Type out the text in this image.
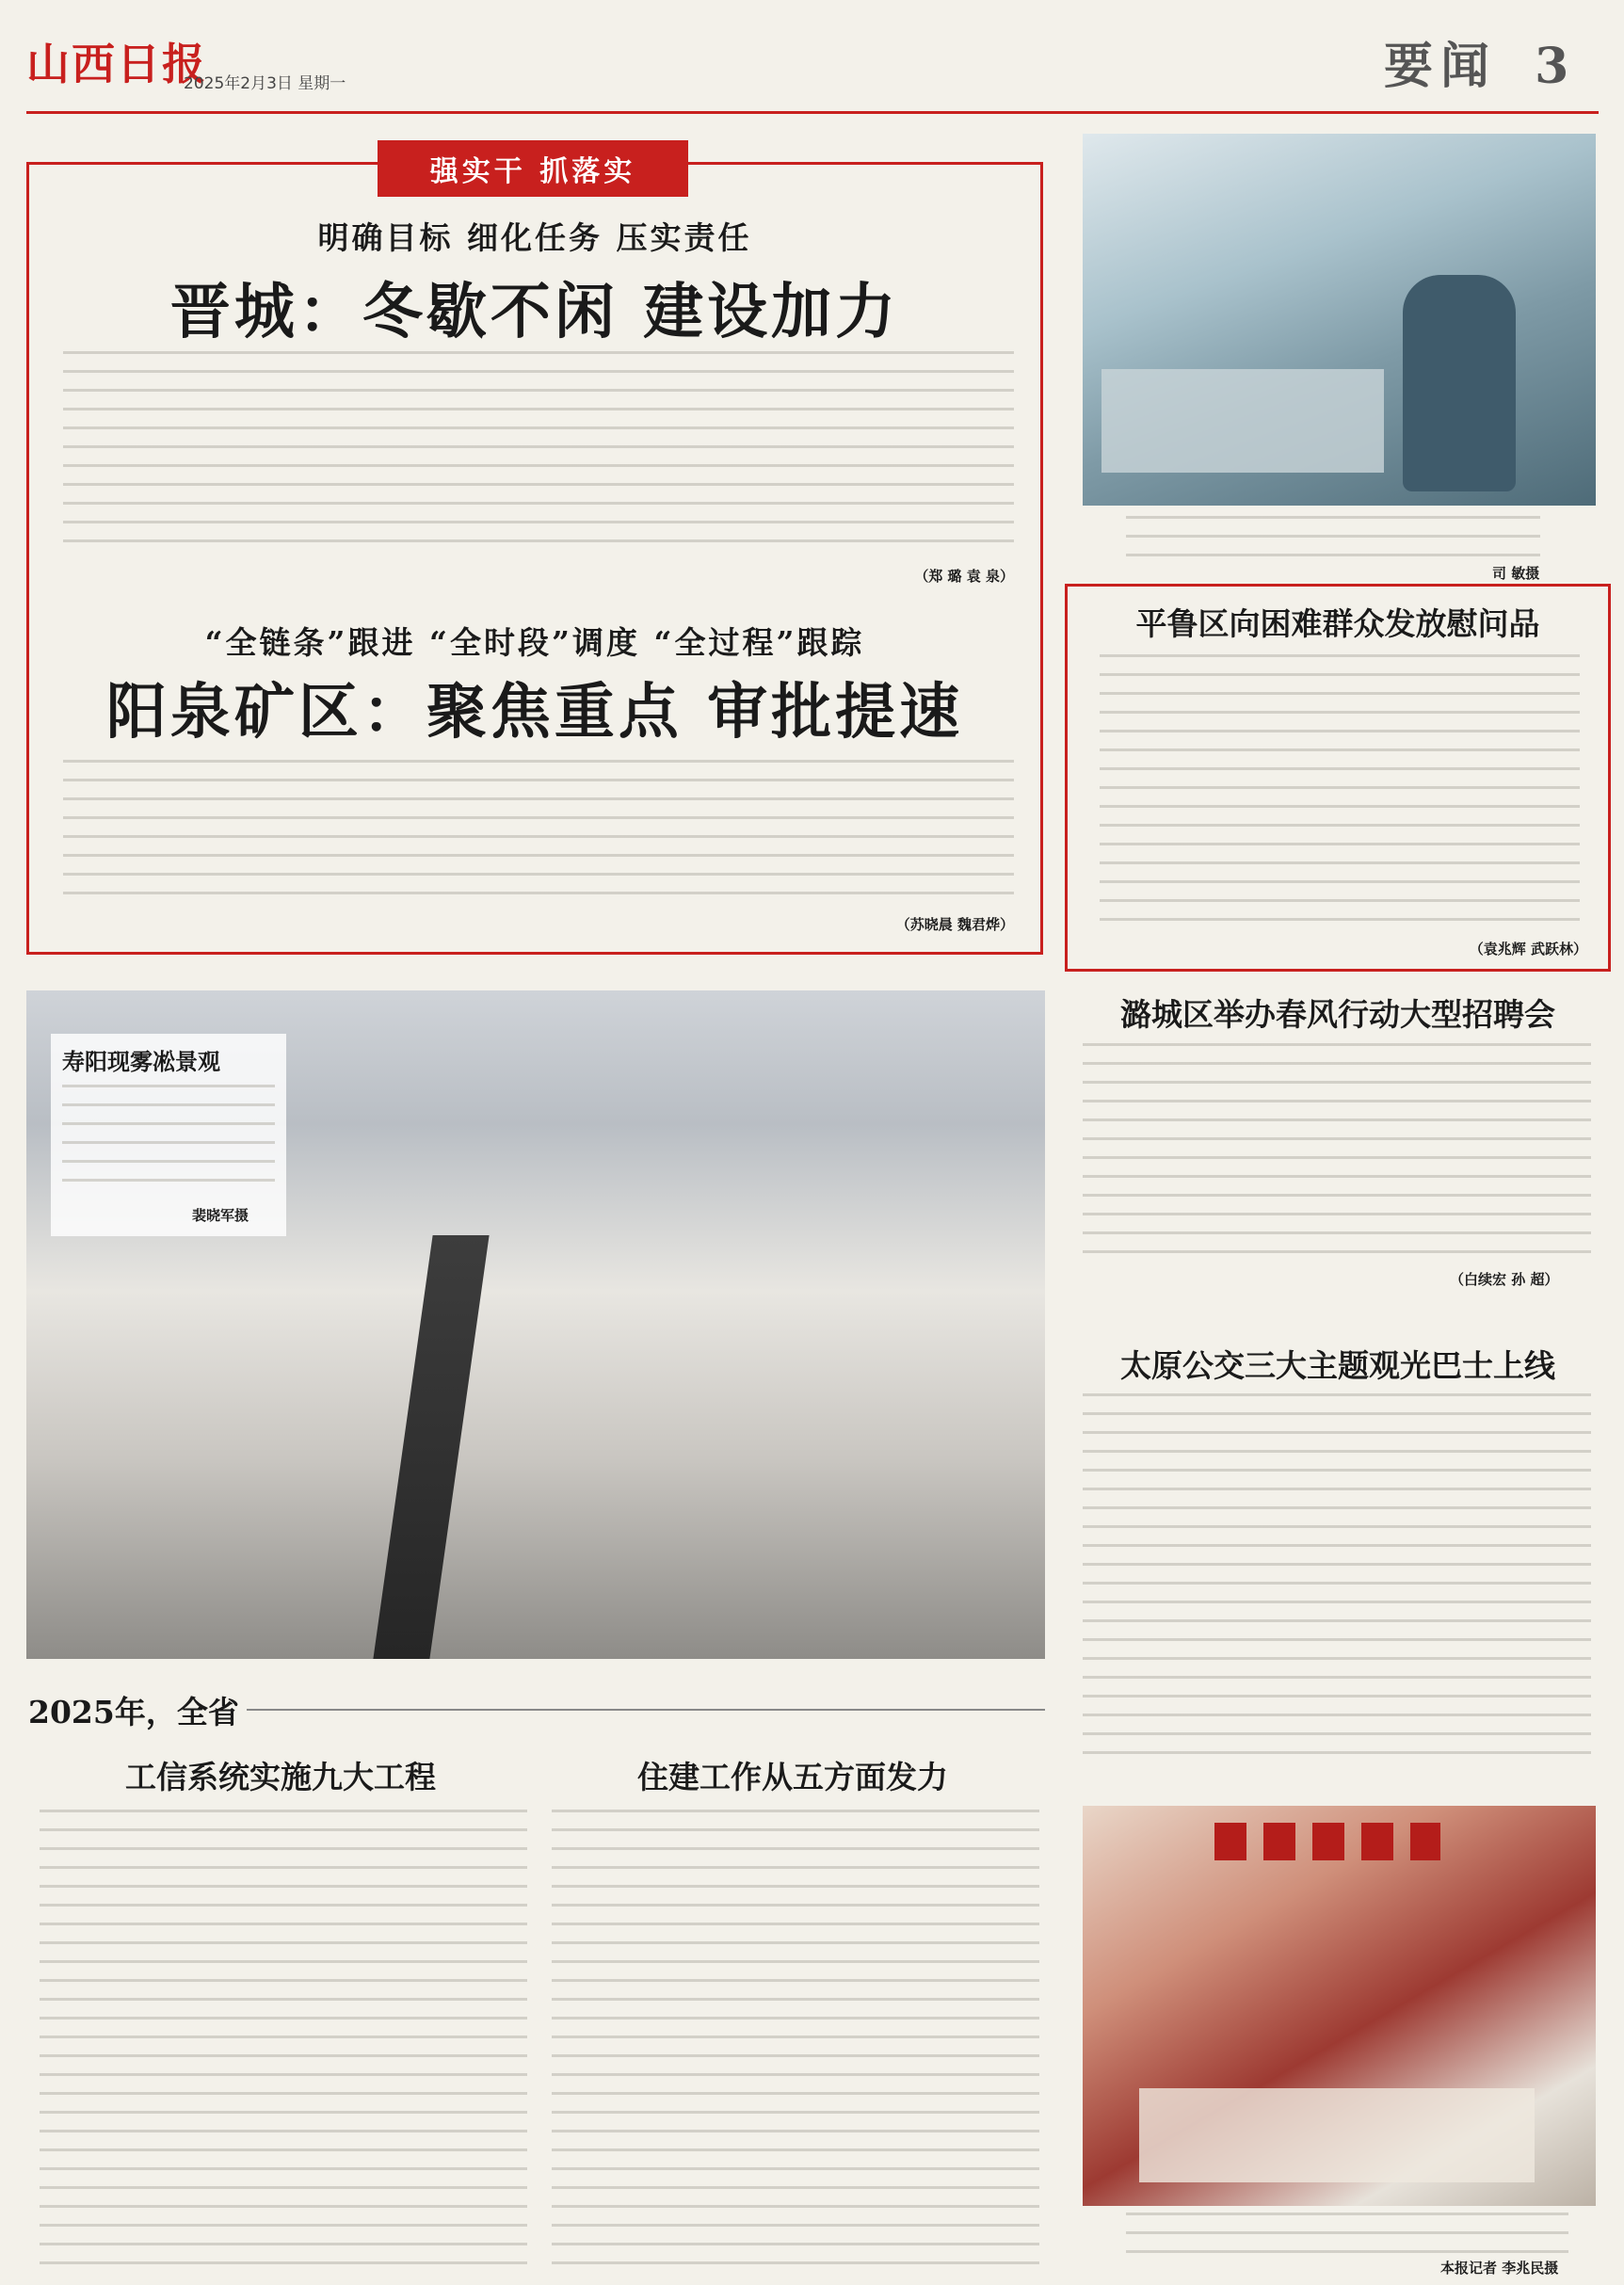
山西日报
2025年2月3日 星期一	要闻 3
强实干 抓落实
明确目标 细化任务 压实责任
晋城：冬歇不闲 建设加力
（郑 璐 袁 泉）
“全链条”跟进 “全时段”调度 “全过程”跟踪
阳泉矿区：聚焦重点 审批提速
（苏晓晨 魏君烨）
司 敏摄
平鲁区向困难群众发放慰问品
（袁兆辉 武跃林）
潞城区举办春风行动大型招聘会
（白续宏 孙 超）
太原公交三大主题观光巴士上线
寿阳现雾凇景观
裴晓军摄
2025年，全省
工信系统实施九大工程	住建工作从五方面发力
本报记者 李兆民摄
